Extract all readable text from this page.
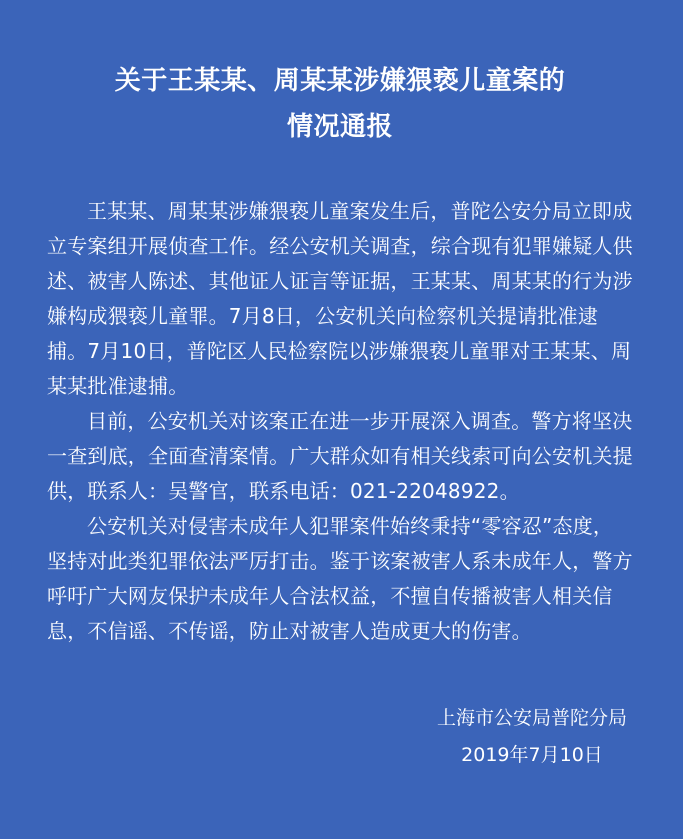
关于王某某、周某某涉嫌猥亵儿童案的
情况通报

王某某、周某某涉嫌猥亵儿童案发生后，普陀公安分局立即成立专案组开展侦查工作。经公安机关调查，综合现有犯罪嫌疑人供述、被害人陈述、其他证人证言等证据，王某某、周某某的行为涉嫌构成猥亵儿童罪。7月8日，公安机关向检察机关提请批准逮捕。7月10日，普陀区人民检察院以涉嫌猥亵儿童罪对王某某、周某某批准逮捕。

目前，公安机关对该案正在进一步开展深入调查。警方将坚决一查到底，全面查清案情。广大群众如有相关线索可向公安机关提供，联系人：吴警官，联系电话：021-22048922。

公安机关对侵害未成年人犯罪案件始终秉持“零容忍”态度，坚持对此类犯罪依法严厉打击。鉴于该案被害人系未成年人，警方呼吁广大网友保护未成年人合法权益，不擅自传播被害人相关信息，不信谣、不传谣，防止对被害人造成更大的伤害。

上海市公安局普陀分局
2019年7月10日
